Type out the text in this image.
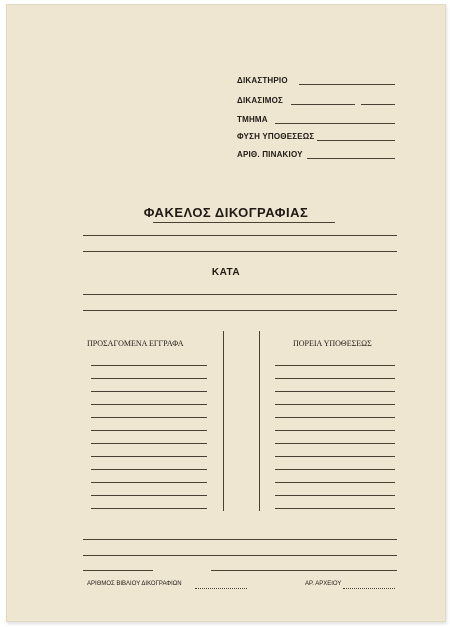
ΔΙΚΑΣΤΗΡΙΟ
ΔΙΚΑΣΙΜΟΣ
ΤΜΗΜΑ
ΦΥΣΗ ΥΠΟΘΕΣΕΩΣ
ΑΡΙΘ. ΠΙΝΑΚΙΟΥ
ΦΑΚΕΛΟΣ ΔΙΚΟΓΡΑΦΙΑΣ
ΚΑΤΑ
ΠΡΟΣΑΓΟΜΕΝΑ ΕΓΓΡΑΦΑ	ΠΟΡΕΙΑ ΥΠΟΘΕΣΕΩΣ
ΑΡΙΘΜΟΣ ΒΙΒΛΙΟΥ ΔΙΚΟΓΡΑΦΙΩΝ	ΑΡ. ΑΡΧΕΙΟΥ
